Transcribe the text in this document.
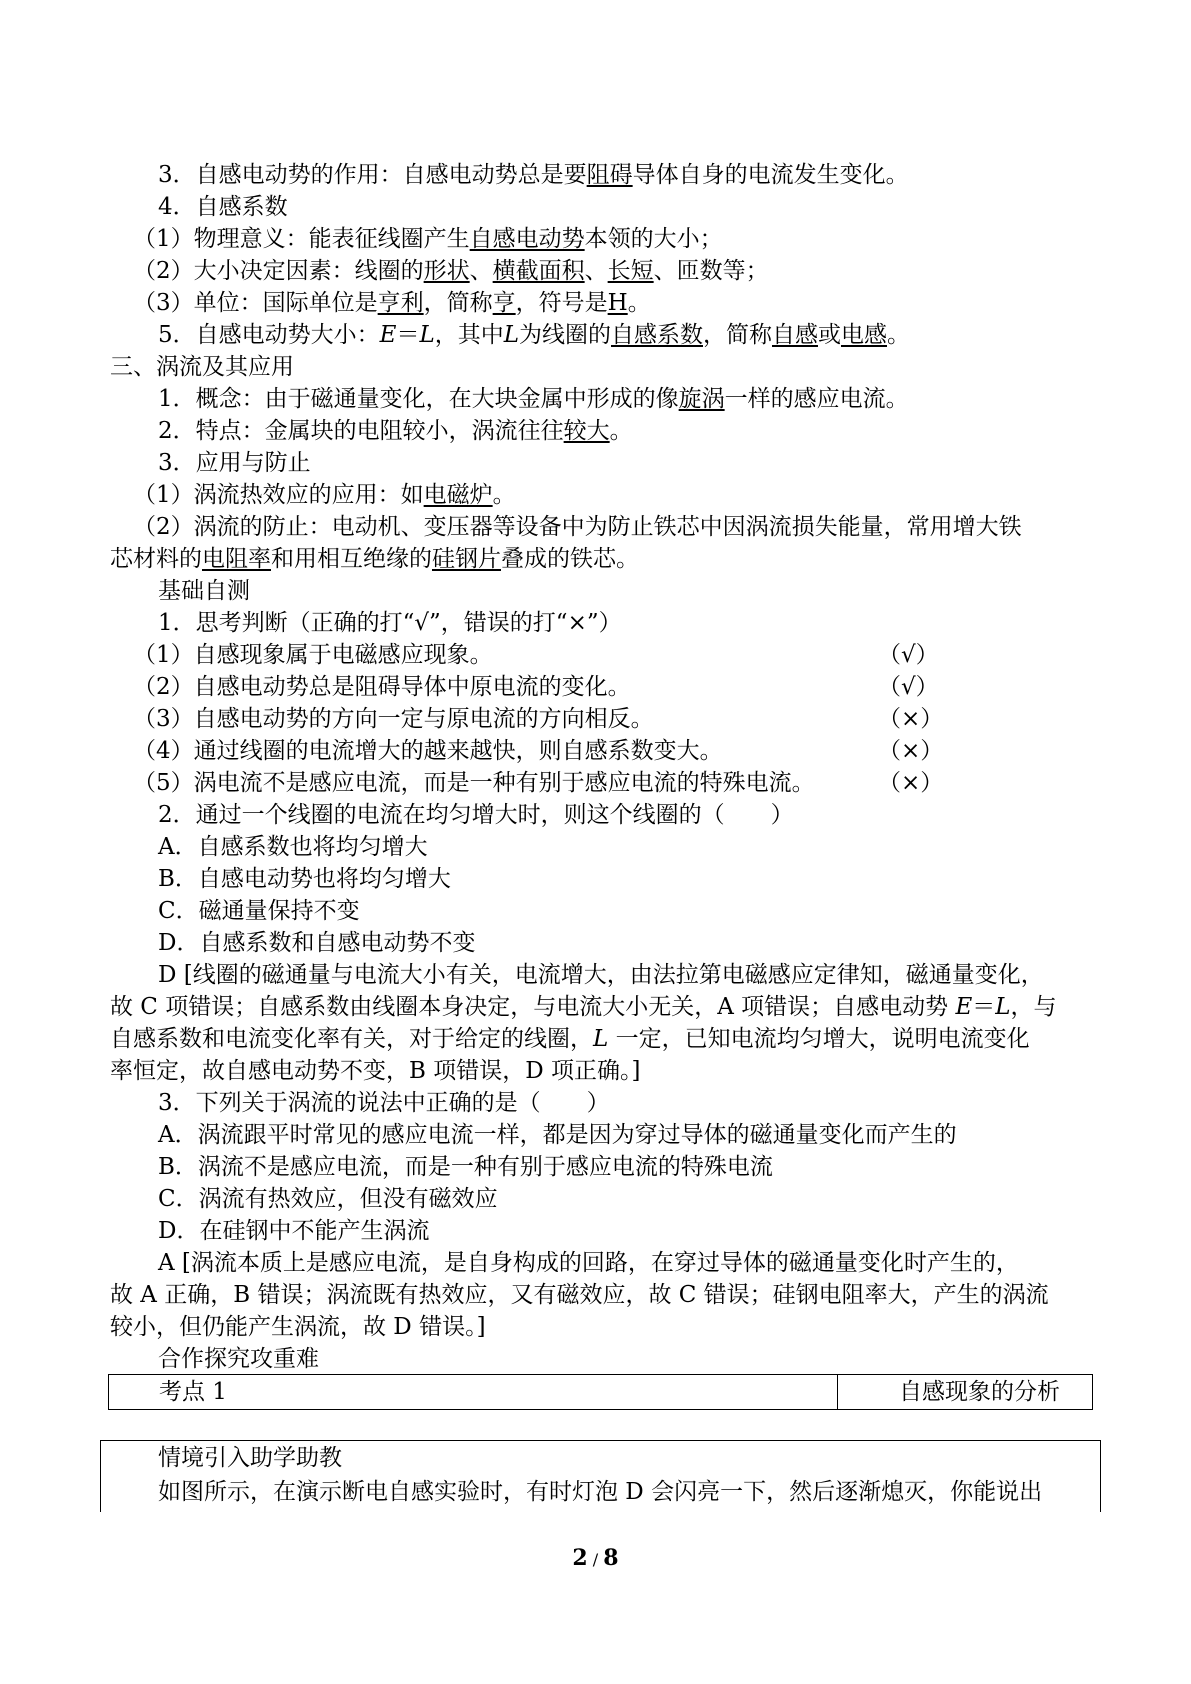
3．自感电动势的作用：自感电动势总是要阻碍导体自身的电流发生变化。
4．自感系数
（1）物理意义：能表征线圈产生自感电动势本领的大小；
（2）大小决定因素：线圈的形状、横截面积、长短、匝数等；
（3）单位：国际单位是亨利，简称亨，符号是H。
5．自感电动势大小：E＝L，其中L为线圈的自感系数，简称自感或电感。
三、涡流及其应用
1．概念：由于磁通量变化，在大块金属中形成的像旋涡一样的感应电流。
2．特点：金属块的电阻较小，涡流往往较大。
3．应用与防止
（1）涡流热效应的应用：如电磁炉。
（2）涡流的防止：电动机、变压器等设备中为防止铁芯中因涡流损失能量，常用增大铁
芯材料的电阻率和用相互绝缘的硅钢片叠成的铁芯。
基础自测
1．思考判断（正确的打“√”，错误的打“×”）
（1）自感现象属于电磁感应现象。	（√）
（2）自感电动势总是阻碍导体中原电流的变化。	（√）
（3）自感电动势的方向一定与原电流的方向相反。	（×）
（4）通过线圈的电流增大的越来越快，则自感系数变大。	（×）
（5）涡电流不是感应电流，而是一种有别于感应电流的特殊电流。	（×）
2．通过一个线圈的电流在均匀增大时，则这个线圈的（　　）
A．自感系数也将均匀增大
B．自感电动势也将均匀增大
C．磁通量保持不变
D．自感系数和自感电动势不变
D [线圈的磁通量与电流大小有关，电流增大，由法拉第电磁感应定律知，磁通量变化，
故 C 项错误；自感系数由线圈本身决定，与电流大小无关，A 项错误；自感电动势 E＝L，与
自感系数和电流变化率有关，对于给定的线圈，L 一定，已知电流均匀增大，说明电流变化
率恒定，故自感电动势不变，B 项错误，D 项正确。]
3．下列关于涡流的说法中正确的是（　　）
A．涡流跟平时常见的感应电流一样，都是因为穿过导体的磁通量变化而产生的
B．涡流不是感应电流，而是一种有别于感应电流的特殊电流
C．涡流有热效应，但没有磁效应
D．在硅钢中不能产生涡流
A [涡流本质上是感应电流，是自身构成的回路，在穿过导体的磁通量变化时产生的，
故 A 正确，B 错误；涡流既有热效应，又有磁效应，故 C 错误；硅钢电阻率大，产生的涡流
较小，但仍能产生涡流，故 D 错误。]
合作探究攻重难
考点 1	自感现象的分析
情境引入助学助教
如图所示，在演示断电自感实验时，有时灯泡 D 会闪亮一下，然后逐渐熄灭，你能说出
2 / 8
